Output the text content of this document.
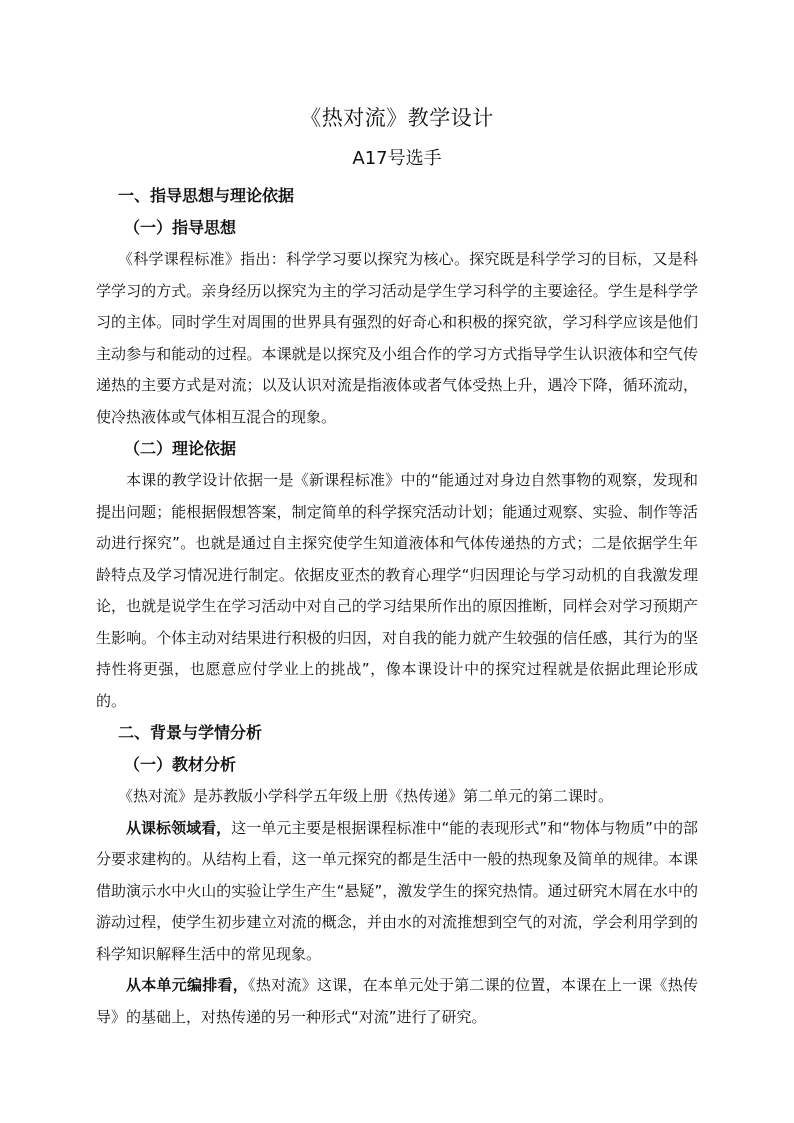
《热对流》教学设计
A17号选手
一、指导思想与理论依据
（一）指导思想

《科学课程标准》指出：科学学习要以探究为核心。探究既是科学学习的目标，又是科学学习的方式。亲身经历以探究为主的学习活动是学生学习科学的主要途径。学生是科学学习的主体。同时学生对周围的世界具有强烈的好奇心和积极的探究欲，学习科学应该是他们主动参与和能动的过程。本课就是以探究及小组合作的学习方式指导学生认识液体和空气传递热的主要方式是对流；以及认识对流是指液体或者气体受热上升，遇冷下降，循环流动，使冷热液体或气体相互混合的现象。

（二）理论依据

本课的教学设计依据一是《新课程标准》中的“能通过对身边自然事物的观察，发现和提出问题；能根据假想答案，制定简单的科学探究活动计划；能通过观察、实验、制作等活动进行探究”。也就是通过自主探究使学生知道液体和气体传递热的方式；二是依据学生年龄特点及学习情况进行制定。依据皮亚杰的教育心理学“归因理论与学习动机的自我激发理论，也就是说学生在学习活动中对自己的学习结果所作出的原因推断，同样会对学习预期产生影响。个体主动对结果进行积极的归因，对自我的能力就产生较强的信任感，其行为的坚持性将更强，也愿意应付学业上的挑战”，像本课设计中的探究过程就是依据此理论形成的。

二、背景与学情分析
（一）教材分析

《热对流》是苏教版小学科学五年级上册《热传递》第二单元的第二课时。

从课标领域看，这一单元主要是根据课程标准中“能的表现形式”和“物体与物质”中的部分要求建构的。从结构上看，这一单元探究的都是生活中一般的热现象及简单的规律。本课借助演示水中火山的实验让学生产生“悬疑”，激发学生的探究热情。通过研究木屑在水中的游动过程，使学生初步建立对流的概念，并由水的对流推想到空气的对流，学会利用学到的科学知识解释生活中的常见现象。

从本单元编排看，《热对流》这课，在本单元处于第二课的位置，本课在上一课《热传导》的基础上，对热传递的另一种形式“对流”进行了研究。
